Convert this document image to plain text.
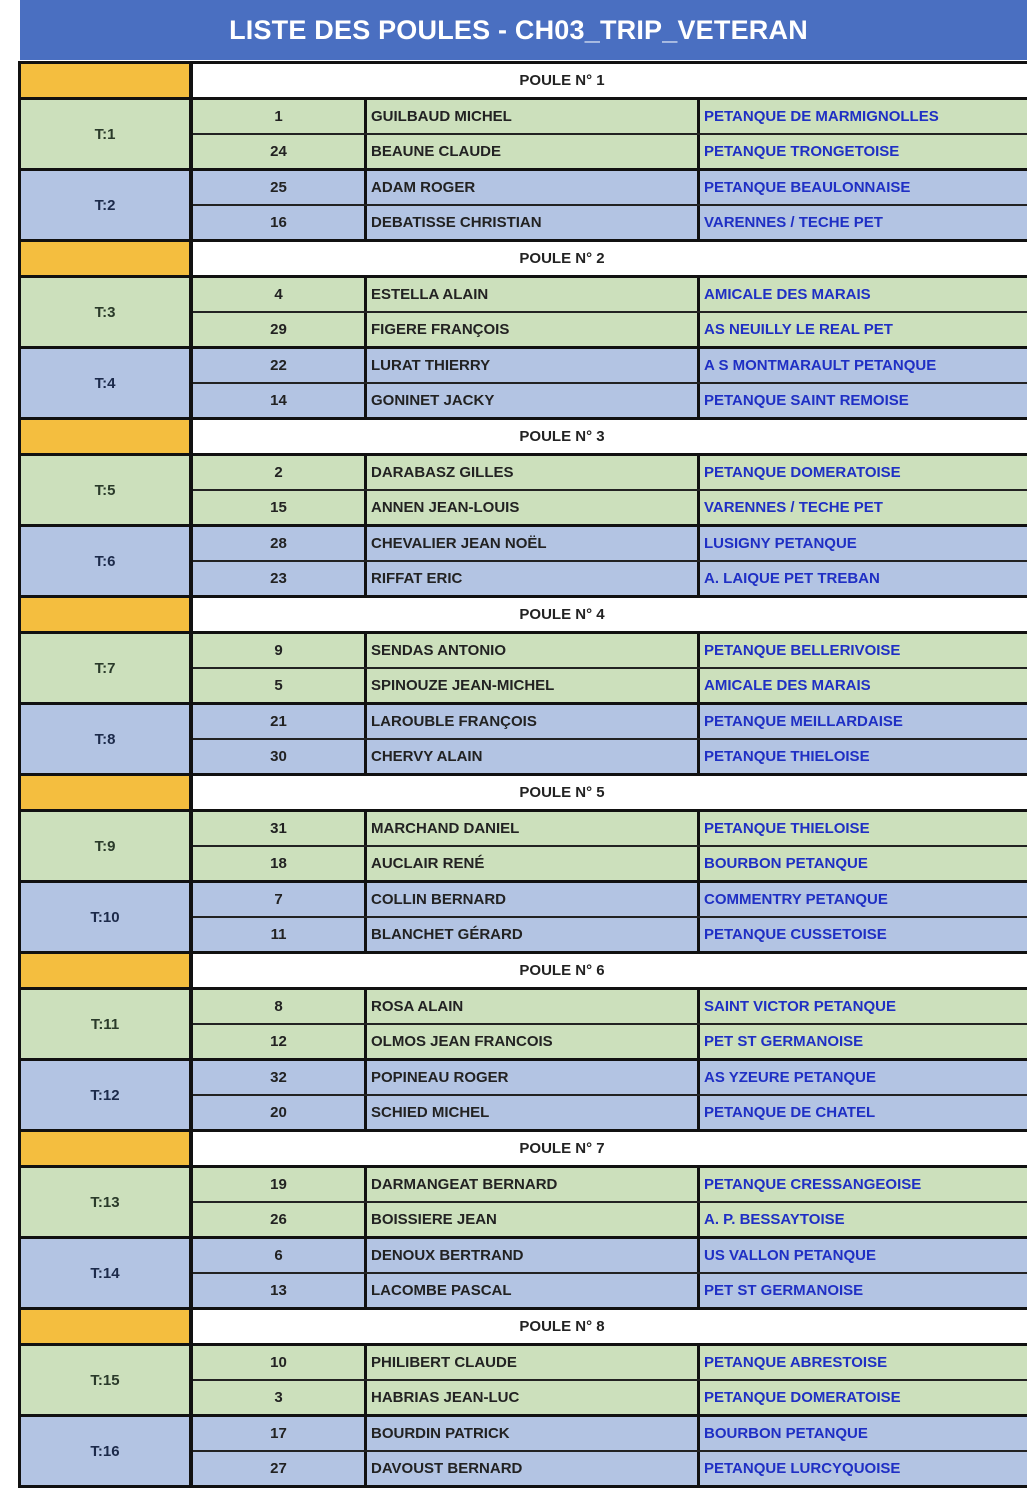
LISTE DES POULES - CH03_TRIP_VETERAN
POULE N° 1
T:1
1	GUILBAUD MICHEL	PETANQUE DE MARMIGNOLLES
24	BEAUNE CLAUDE	PETANQUE TRONGETOISE
T:2
25	ADAM ROGER	PETANQUE BEAULONNAISE
16	DEBATISSE CHRISTIAN	VARENNES / TECHE PET
POULE N° 2
T:3
4	ESTELLA ALAIN	AMICALE DES MARAIS
29	FIGERE FRANÇOIS	AS NEUILLY LE REAL PET
T:4
22	LURAT THIERRY	A S MONTMARAULT PETANQUE
14	GONINET JACKY	PETANQUE SAINT REMOISE
POULE N° 3
T:5
2	DARABASZ GILLES	PETANQUE DOMERATOISE
15	ANNEN JEAN-LOUIS	VARENNES / TECHE PET
T:6
28	CHEVALIER JEAN NOËL	LUSIGNY PETANQUE
23	RIFFAT ERIC	A. LAIQUE PET TREBAN
POULE N° 4
T:7
9	SENDAS ANTONIO	PETANQUE BELLERIVOISE
5	SPINOUZE JEAN-MICHEL	AMICALE DES MARAIS
T:8
21	LAROUBLE FRANÇOIS	PETANQUE MEILLARDAISE
30	CHERVY ALAIN	PETANQUE THIELOISE
POULE N° 5
T:9
31	MARCHAND DANIEL	PETANQUE THIELOISE
18	AUCLAIR RENÉ	BOURBON PETANQUE
T:10
7	COLLIN BERNARD	COMMENTRY PETANQUE
11	BLANCHET GÉRARD	PETANQUE CUSSETOISE
POULE N° 6
T:11
8	ROSA ALAIN	SAINT VICTOR PETANQUE
12	OLMOS JEAN FRANCOIS	PET ST GERMANOISE
T:12
32	POPINEAU ROGER	AS YZEURE PETANQUE
20	SCHIED MICHEL	PETANQUE DE CHATEL
POULE N° 7
T:13
19	DARMANGEAT BERNARD	PETANQUE CRESSANGEOISE
26	BOISSIERE JEAN	A. P. BESSAYTOISE
T:14
6	DENOUX BERTRAND	US VALLON PETANQUE
13	LACOMBE PASCAL	PET ST GERMANOISE
POULE N° 8
T:15
10	PHILIBERT CLAUDE	PETANQUE ABRESTOISE
3	HABRIAS JEAN-LUC	PETANQUE DOMERATOISE
T:16
17	BOURDIN PATRICK	BOURBON PETANQUE
27	DAVOUST BERNARD	PETANQUE LURCYQUOISE
